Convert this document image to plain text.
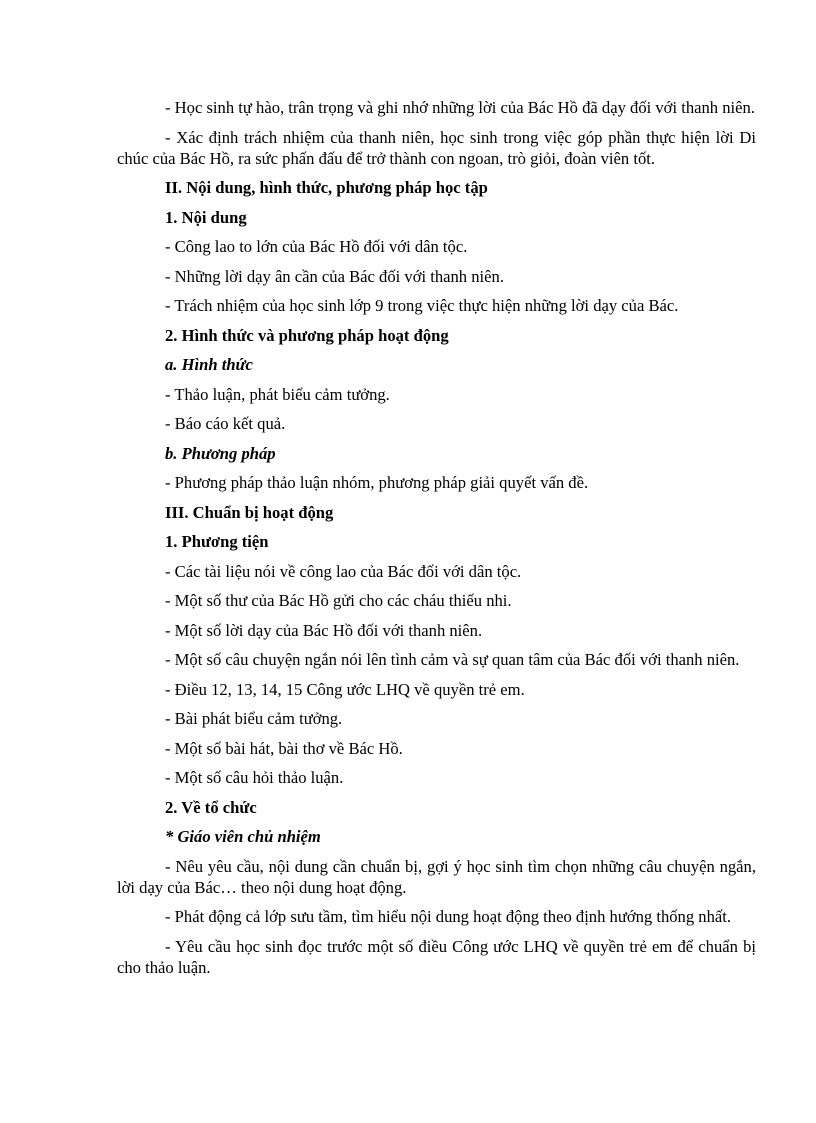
- Học sinh tự hào, trân trọng và ghi nhớ những lời của Bác Hồ đã dạy đối với thanh niên.

- Xác định trách nhiệm của thanh niên, học sinh trong việc góp phần thực hiện lời Di chúc của Bác Hồ, ra sức phấn đấu để trở thành con ngoan, trò giỏi, đoàn viên tốt.

II. Nội dung, hình thức, phương pháp học tập

1. Nội dung

- Công lao to lớn của Bác Hồ đối với dân tộc.

- Những lời dạy ân cần của Bác đối với thanh niên.

- Trách nhiệm của học sinh lớp 9 trong việc thực hiện những lời dạy của Bác.

2. Hình thức và phương pháp hoạt động

a. Hình thức

- Thảo luận, phát biểu cảm tưởng.

- Báo cáo kết quả.

b. Phương pháp

- Phương pháp thảo luận nhóm, phương pháp giải quyết vấn đề.

III. Chuẩn bị hoạt động

1. Phương tiện

- Các tài liệu nói về công lao của Bác đối với dân tộc.

- Một số thư của Bác Hồ gửi cho các cháu thiếu nhi.

- Một số lời dạy của Bác Hồ đối với thanh niên.

- Một số câu chuyện ngắn nói lên tình cảm và sự quan tâm của Bác đối với thanh niên.

- Điều 12, 13, 14, 15 Công ước LHQ về quyền trẻ em.

- Bài phát biểu cảm tưởng.

- Một số bài hát, bài thơ về Bác Hồ.

- Một số câu hỏi thảo luận.

2. Về tổ chức

* Giáo viên chủ nhiệm

- Nêu yêu cầu, nội dung cần chuẩn bị, gợi ý học sinh tìm chọn những câu chuyện ngắn, lời dạy của Bác… theo nội dung hoạt động.

- Phát động cả lớp sưu tầm, tìm hiểu nội dung hoạt động theo định hướng thống nhất.

- Yêu cầu học sinh đọc trước một số điều Công ước LHQ về quyền trẻ em để chuẩn bị cho thảo luận.
